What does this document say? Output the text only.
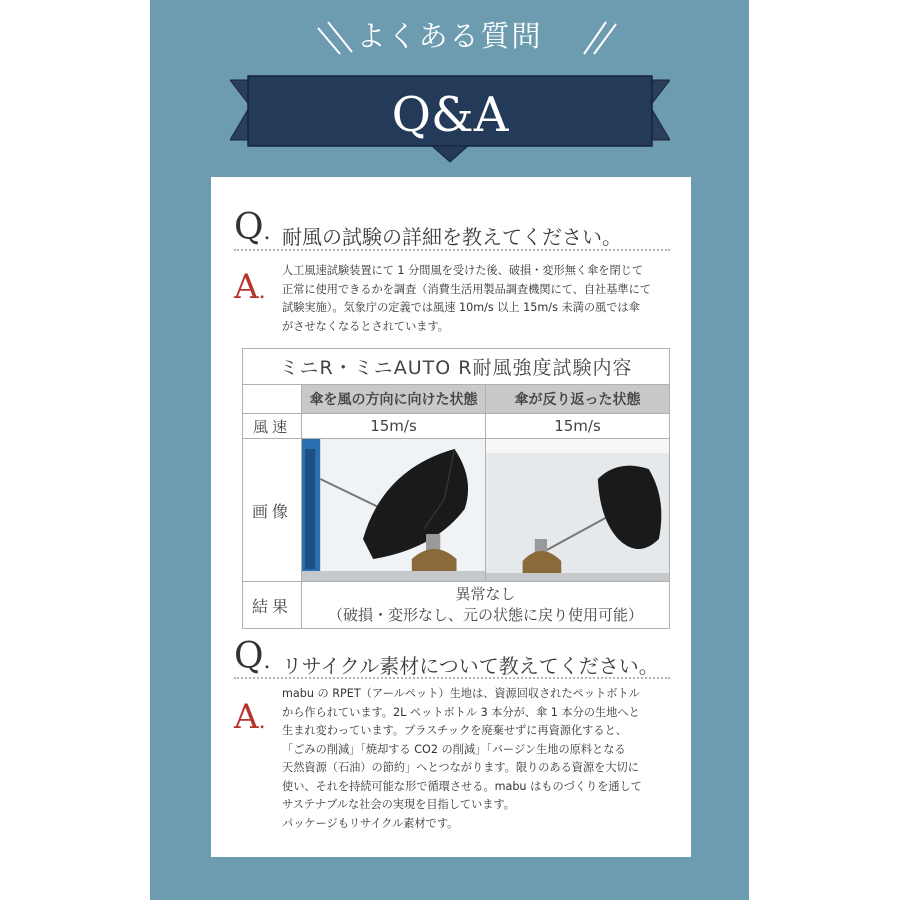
よくある質問
Q&A
Q. 耐風の試験の詳細を教えてください。
A.

人工風速試験装置にて 1 分間風を受けた後、破損・変形無く傘を閉じて

正常に使用できるかを調査（消費生活用製品調査機関にて、自社基準にて

試験実施）。気象庁の定義では風速 10m/s 以上 15m/s 未満の風では傘

がさせなくなるとされています。

ミニR・ミニAUTO R耐風強度試験内容		
	傘を風の方向に向けた状態	傘が反り返った状態
風速	15m/s	15m/s
画像	

結果	異常なし
（破損・変形なし、元の状態に戻り使用可能）	
Q. リサイクル素材について教えてください。
A.

mabu の RPET（アールペット）生地は、資源回収されたペットボトル

から作られています。2L ペットボトル 3 本分が、傘 1 本分の生地へと

生まれ変わっています。プラスチックを廃棄せずに再資源化すると、

「ごみの削減」「焼却する CO2 の削減」「バージン生地の原料となる

天然資源（石油）の節約」へとつながります。限りのある資源を大切に

使い、それを持続可能な形で循環させる。mabu はものづくりを通して

サステナブルな社会の実現を目指しています。

パッケージもリサイクル素材です。
